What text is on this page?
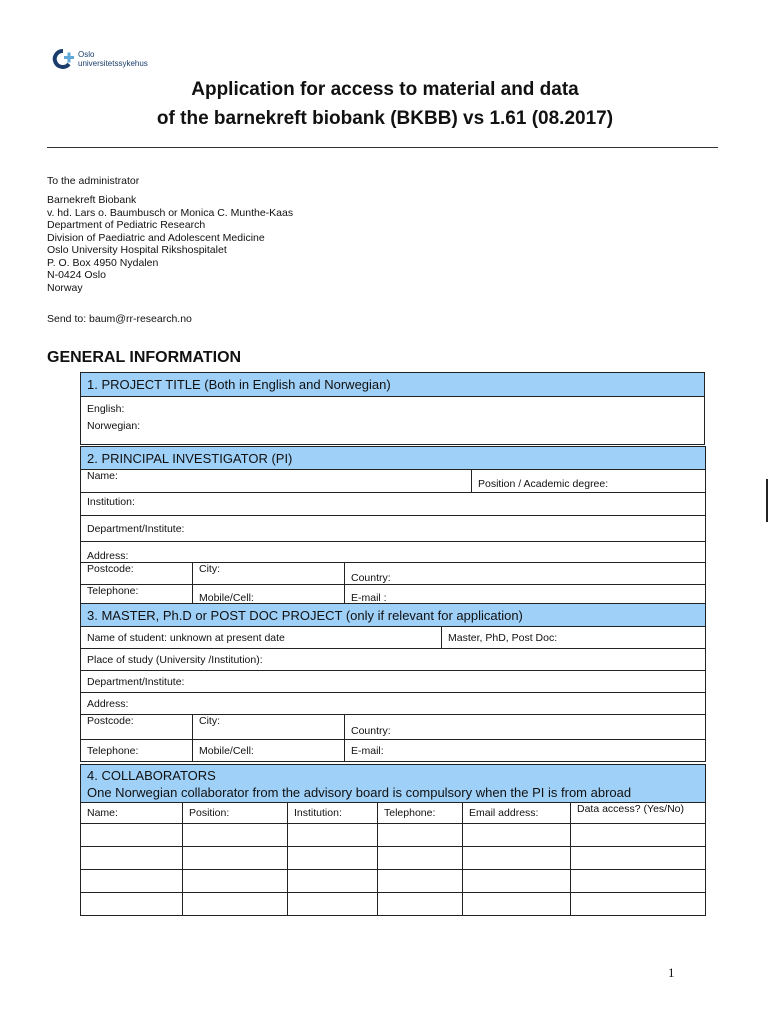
Oslo
universitetssykehus
Application for access to material and data
of the barnekreft biobank (BKBB) vs 1.61 (08.2017)
To the administrator
Barnekreft Biobank
v. hd. Lars o. Baumbusch or Monica C. Munthe-Kaas
Department of Pediatric Research
Division of Paediatric and Adolescent Medicine
Oslo University Hospital Rikshospitalet
P. O. Box 4950 Nydalen
N-0424 Oslo
Norway
Send to: baum@rr-research.no
GENERAL INFORMATION
1. PROJECT TITLE (Both in English and Norwegian)

English:
Norwegian:
2. PRINCIPAL INVESTIGATOR (PI)			
Name:			Position / Academic degree:
Institution:			
Department/Institute:			
Address:			
Postcode:	City:	Country:	
Telephone:	Mobile/Cell:	E-mail :	
3. MASTER, Ph.D or POST DOC PROJECT (only if relevant for application)			
Name of student: unknown at present date			Master, PhD, Post Doc:
Place of study (University /Institution):			
Department/Institute:			
Address:			
Postcode:	City:	Country:	
Telephone:	Mobile/Cell:	E-mail:	
4. COLLABORATORS
One Norwegian collaborator from the advisory board is compulsory when the PI is from abroad					

Name:	Position:	Institution:	Telephone:	Email address:	Data access? (Yes/No)

1
